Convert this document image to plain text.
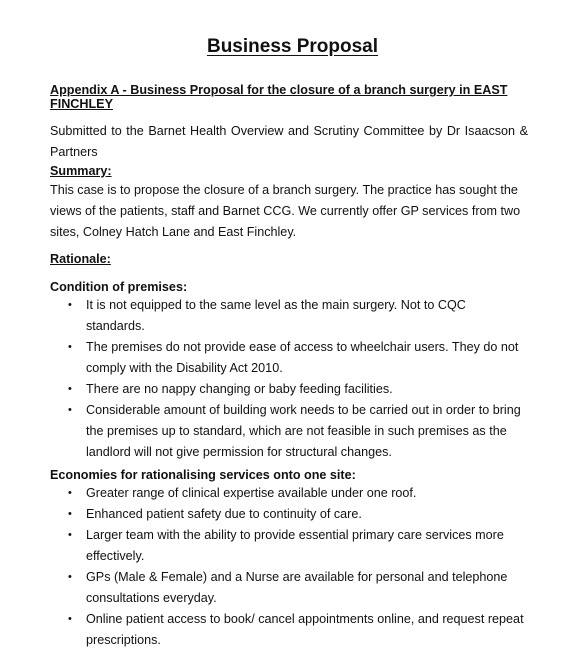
Business Proposal

Appendix A - Business Proposal for the closure of a branch surgery in EAST FINCHLEY

Submitted to the Barnet Health Overview and Scrutiny Committee by Dr Isaacson & Partners

Summary:

This case is to propose the closure of a branch surgery. The practice has sought the views of the patients, staff and Barnet CCG. We currently offer GP services from two sites, Colney Hatch Lane and East Finchley.

Rationale:

Condition of premises:

• It is not equipped to the same level as the main surgery. Not to CQC standards.
• The premises do not provide ease of access to wheelchair users. They do not comply with the Disability Act 2010.
• There are no nappy changing or baby feeding facilities.
• Considerable amount of building work needs to be carried out in order to bring the premises up to standard, which are not feasible in such premises as the landlord will not give permission for structural changes.

Economies for rationalising services onto one site:

• Greater range of clinical expertise available under one roof.
• Enhanced patient safety due to continuity of care.
• Larger team with the ability to provide essential primary care services more effectively.
• GPs (Male & Female) and a Nurse are available for personal and telephone consultations everyday.
• Online patient access to book/ cancel appointments online, and request repeat prescriptions.
